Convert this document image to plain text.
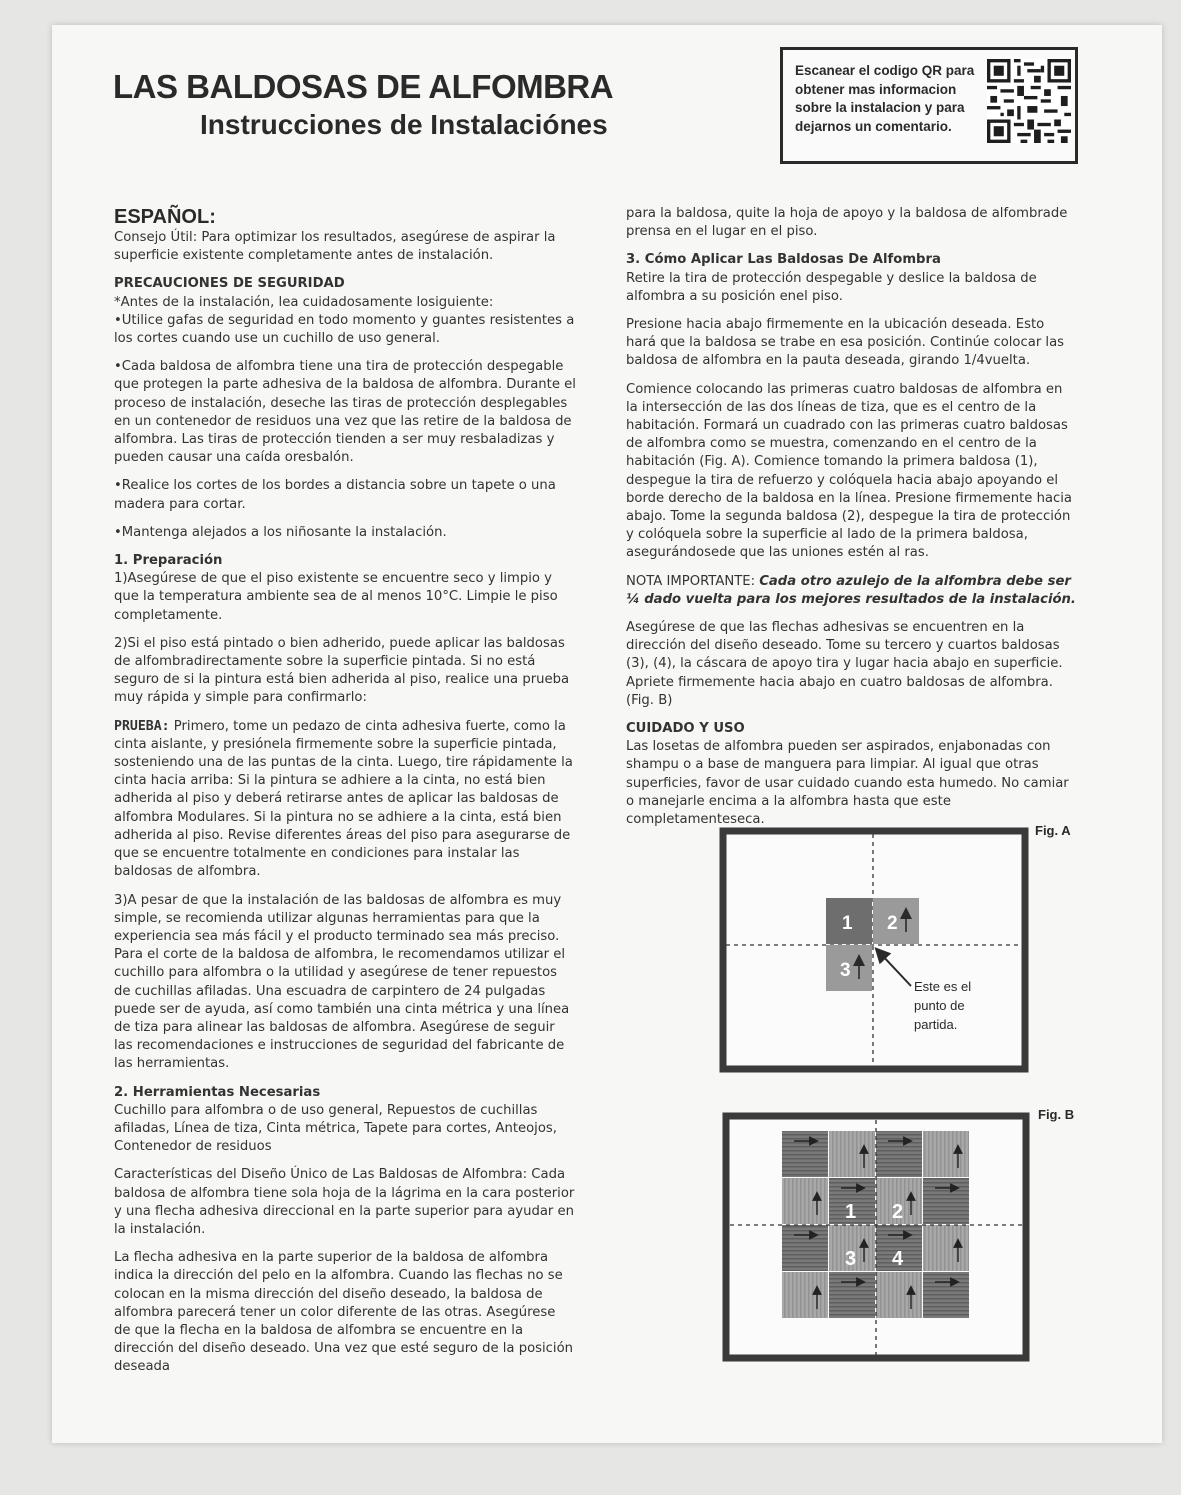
LAS BALDOSAS DE ALFOMBRA
Instrucciones de Instalaciónes
Escanear el codigo QR para obtener mas informacion sobre la instalacion y para dejarnos un comentario.
ESPAÑOL:

Consejo Útil: Para optimizar los resultados, asegúrese de aspirar la superficie existente completamente antes de instalación.

PRECAUCIONES DE SEGURIDAD
*Antes de la instalación, lea cuidadosamente losiguiente:

•Utilice gafas de seguridad en todo momento y guantes resistentes a los cortes cuando use un cuchillo de uso general.

•Cada baldosa de alfombra tiene una tira de protección despegable que protegen la parte adhesiva de la baldosa de alfombra. Durante el proceso de instalación, deseche las tiras de protección desplegables en un contenedor de residuos una vez que las retire de la baldosa de alfombra. Las tiras de protección tienden a ser muy resbaladizas y pueden causar una caída oresbalón.

•Realice los cortes de los bordes a distancia sobre un tapete o una madera para cortar.

•Mantenga alejados a los niñosante la instalación.

1. Preparación

1)Asegúrese de que el piso existente se encuentre seco y limpio y que la temperatura ambiente sea de al menos 10°C. Limpie le piso completamente.

2)Si el piso está pintado o bien adherido, puede aplicar las baldosas de alfombradirectamente sobre la superficie pintada. Si no está seguro de si la pintura está bien adherida al piso, realice una prueba muy rápida y simple para confirmarlo:

PRUEBA: Primero, tome un pedazo de cinta adhesiva fuerte, como la cinta aislante, y presiónela firmemente sobre la superficie pintada, sosteniendo una de las puntas de la cinta. Luego, tire rápidamente la cinta hacia arriba: Si la pintura se adhiere a la cinta, no está bien adherida al piso y deberá retirarse antes de aplicar las baldosas de alfombra Modulares. Si la pintura no se adhiere a la cinta, está bien adherida al piso. Revise diferentes áreas del piso para asegurarse de que se encuentre totalmente en condiciones para instalar las baldosas de alfombra.

3)A pesar de que la instalación de las baldosas de alfombra es muy simple, se recomienda utilizar algunas herramientas para que la experiencia sea más fácil y el producto terminado sea más preciso. Para el corte de la baldosa de alfombra, le recomendamos utilizar el cuchillo para alfombra o la utilidad y asegúrese de tener repuestos de cuchillas afiladas. Una escuadra de carpintero de 24 pulgadas puede ser de ayuda, así como también una cinta métrica y una línea de tiza para alinear las baldosas de alfombra. Asegúrese de seguir las recomendaciones e instrucciones de seguridad del fabricante de las herramientas.

2. Herramientas Necesarias

Cuchillo para alfombra o de uso general, Repuestos de cuchillas afiladas, Línea de tiza, Cinta métrica, Tapete para cortes, Anteojos, Contenedor de residuos

Características del Diseño Único de Las Baldosas de Alfombra: Cada baldosa de alfombra tiene sola hoja de la lágrima en la cara posterior y una flecha adhesiva direccional en la parte superior para ayudar en la instalación.

La flecha adhesiva en la parte superior de la baldosa de alfombra indica la dirección del pelo en la alfombra. Cuando las flechas no se colocan en la misma dirección del diseño deseado, la baldosa de alfombra parecerá tener un color diferente de las otras. Asegúrese de que la flecha en la baldosa de alfombra se encuentre en la dirección del diseño deseado. Una vez que esté seguro de la posición deseada

para la baldosa, quite la hoja de apoyo y la baldosa de alfombrade prensa en el lugar en el piso.

3. Cómo Aplicar Las Baldosas De Alfombra

Retire la tira de protección despegable y deslice la baldosa de alfombra a su posición enel piso.

Presione hacia abajo firmemente en la ubicación deseada. Esto hará que la baldosa se trabe en esa posición. Continúe colocar las baldosa de alfombra en la pauta deseada, girando 1/4vuelta.

Comience colocando las primeras cuatro baldosas de alfombra en la intersección de las dos líneas de tiza, que es el centro de la habitación. Formará un cuadrado con las primeras cuatro baldosas de alfombra como se muestra, comenzando en el centro de la habitación (Fig. A). Comience tomando la primera baldosa (1), despegue la tira de refuerzo y colóquela hacia abajo apoyando el borde derecho de la baldosa en la línea. Presione firmemente hacia abajo. Tome la segunda baldosa (2), despegue la tira de protección y colóquela sobre la superficie al lado de la primera baldosa, asegurándosede que las uniones estén al ras.

NOTA IMPORTANTE: Cada otro azulejo de la alfombra debe ser ¼ dado vuelta para los mejores resultados de la instalación.

Asegúrese de que las flechas adhesivas se encuentren en la dirección del diseño deseado. Tome su tercero y cuartos baldosas (3), (4), la cáscara de apoyo tira y lugar hacia abajo en superficie. Apriete firmemente hacia abajo en cuatro baldosas de alfombra. (Fig. B)

CUIDADO Y USO

Las losetas de alfombra pueden ser aspirados, enjabonadas con shampu o a base de manguera para limpiar. Al igual que otras superficies, favor de usar cuidado cuando esta humedo. No camiar o manejarle encima a la alfombra hasta que este completamenteseca.

1 2
3
Este es el
punto de
partida.
Fig. A
1 2
3 4
Fig. B
